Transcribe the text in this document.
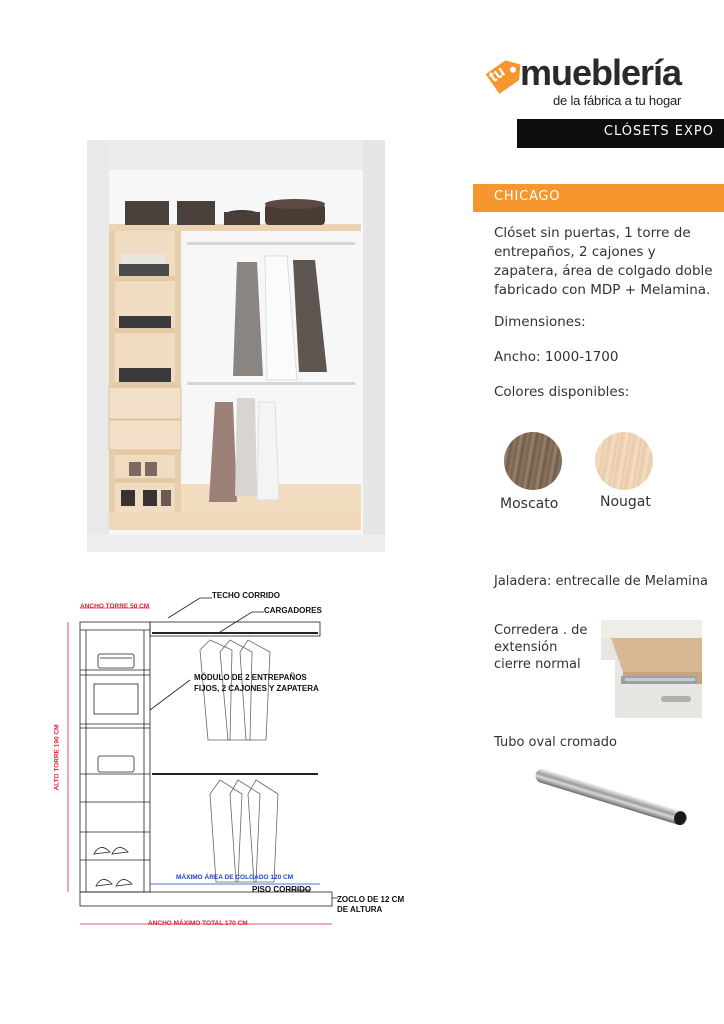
tu mueblería
de la fábrica a tu hogar
CLÓSETS EXPO
CHICAGO
Clóset sin puertas, 1 torre de entrepaños, 2 cajones y zapatera, área de colgado doble fabricado con MDP + Melamina.
Dimensiones:
Ancho: 1000-1700
Colores disponibles:
Moscato	Nougat
Jaladera: entrecalle de Melamina
Corredera . de extensión cierre normal
Tubo oval cromado
TECHO CORRIDO
CARGADORES
MÓDULO DE 2 ENTREPAÑOS
FIJOS, 2 CAJONES Y ZAPATERA
PISO CORRIDO
ZOCLO DE 12 CM
DE ALTURA
ANCHO TORRE 50 CM
ALTO TORRE 190 CM
MÁXIMO ÁREA DE COLGADO 120 CM
ANCHO MÁXIMO TOTAL 170 CM
